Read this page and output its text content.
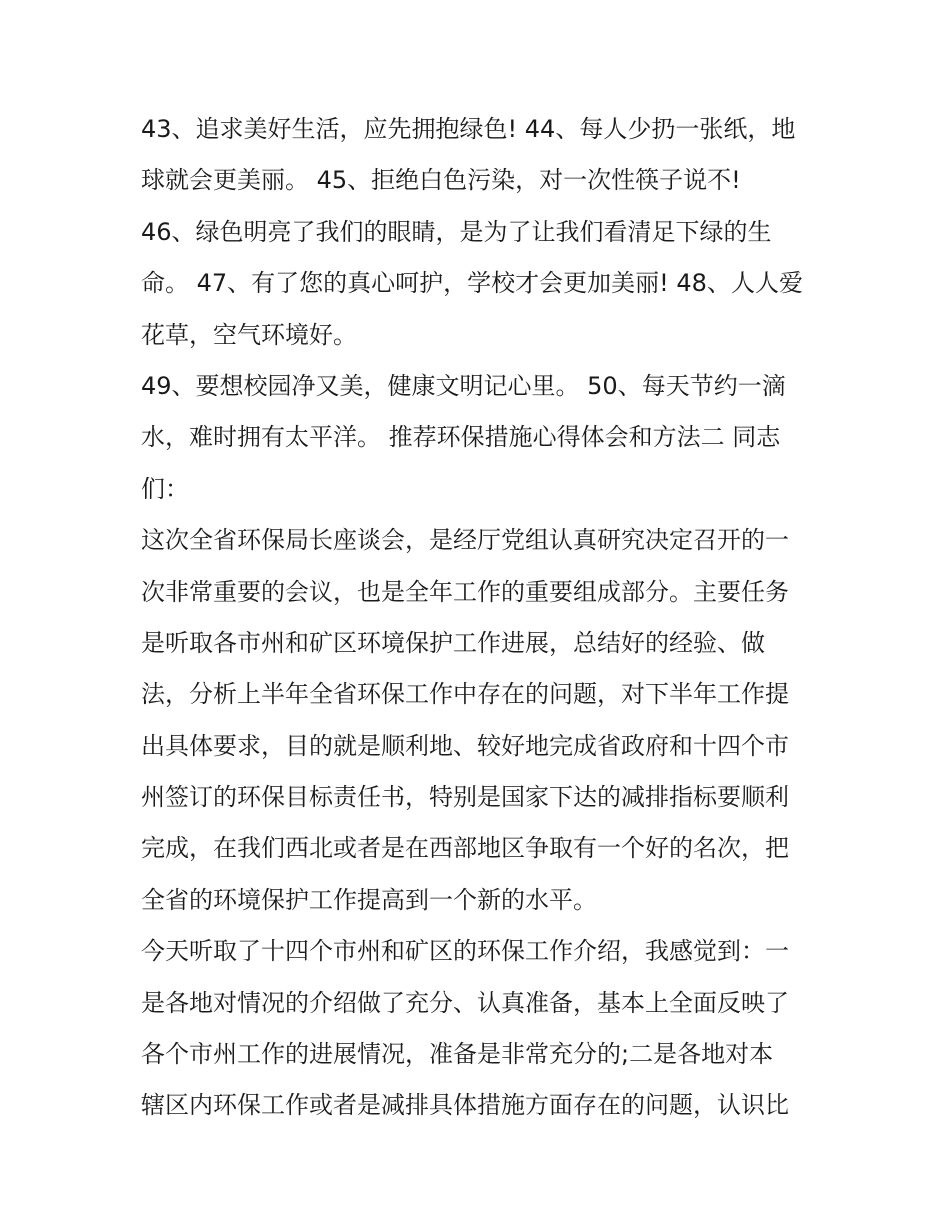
43、追求美好生活，应先拥抱绿色! 44、每人少扔一张纸，地
球就会更美丽。 45、拒绝白色污染，对一次性筷子说不!

46、绿色明亮了我们的眼睛，是为了让我们看清足下绿的生
命。 47、有了您的真心呵护，学校才会更加美丽! 48、人人爱
花草，空气环境好。

49、要想校园净又美，健康文明记心里。 50、每天节约一滴
水，难时拥有太平洋。 推荐环保措施心得体会和方法二 同志
们：

这次全省环保局长座谈会，是经厅党组认真研究决定召开的一
次非常重要的会议，也是全年工作的重要组成部分。主要任务
是听取各市州和矿区环境保护工作进展，总结好的经验、做
法，分析上半年全省环保工作中存在的问题，对下半年工作提
出具体要求，目的就是顺利地、较好地完成省政府和十四个市
州签订的环保目标责任书，特别是国家下达的减排指标要顺利
完成，在我们西北或者是在西部地区争取有一个好的名次，把
全省的环境保护工作提高到一个新的水平。

今天听取了十四个市州和矿区的环保工作介绍，我感觉到：一
是各地对情况的介绍做了充分、认真准备，基本上全面反映了
各个市州工作的进展情况，准备是非常充分的;二是各地对本
辖区内环保工作或者是减排具体措施方面存在的问题，认识比
